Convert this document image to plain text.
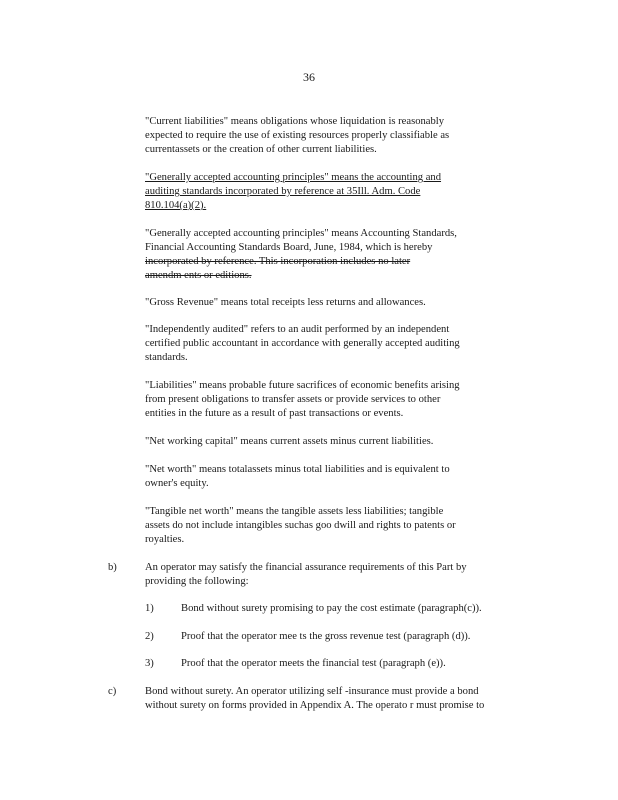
36
"Current liabilities" means obligations whose liquidation is reasonably
expected to require the use of existing resources properly classifiable as
currentassets or the creation of other current liabilities.
"Generally accepted accounting principles" means the accounting and
auditing standards incorporated by reference at 35Ill. Adm. Code
810.104(a)(2).
"Generally accepted accounting principles" means Accounting Standards,
Financial Accounting Standards Board, June, 1984, which is hereby
incorporated by reference. This incorporation includes no later
amendm ents or editions.
"Gross Revenue" means total receipts less returns and allowances.
"Independently audited" refers to an audit performed by an independent
certified public accountant in accordance with generally accepted auditing
standards.
"Liabilities" means probable future sacrifices of economic benefits arising
from present obligations to transfer assets or provide services to other
entities in the future as a result of past transactions or events.
"Net working capital" means current assets minus current liabilities.
"Net worth" means totalassets minus total liabilities and is equivalent to
owner's equity.
"Tangible net worth" means the tangible assets less liabilities; tangible
assets do not include intangibles suchas goo dwill and rights to patents or
royalties.
b)	An operator may satisfy the financial assurance requirements of this Part by
providing the following:
1)	Bond without surety promising to pay the cost estimate (paragraph(c)).
2)	Proof that the operator mee ts the gross revenue test (paragraph (d)).
3)	Proof that the operator meets the financial test (paragraph (e)).
c)	Bond without surety. An operator utilizing self -insurance must provide a bond
without surety on forms provided in Appendix A. The operato r must promise to
